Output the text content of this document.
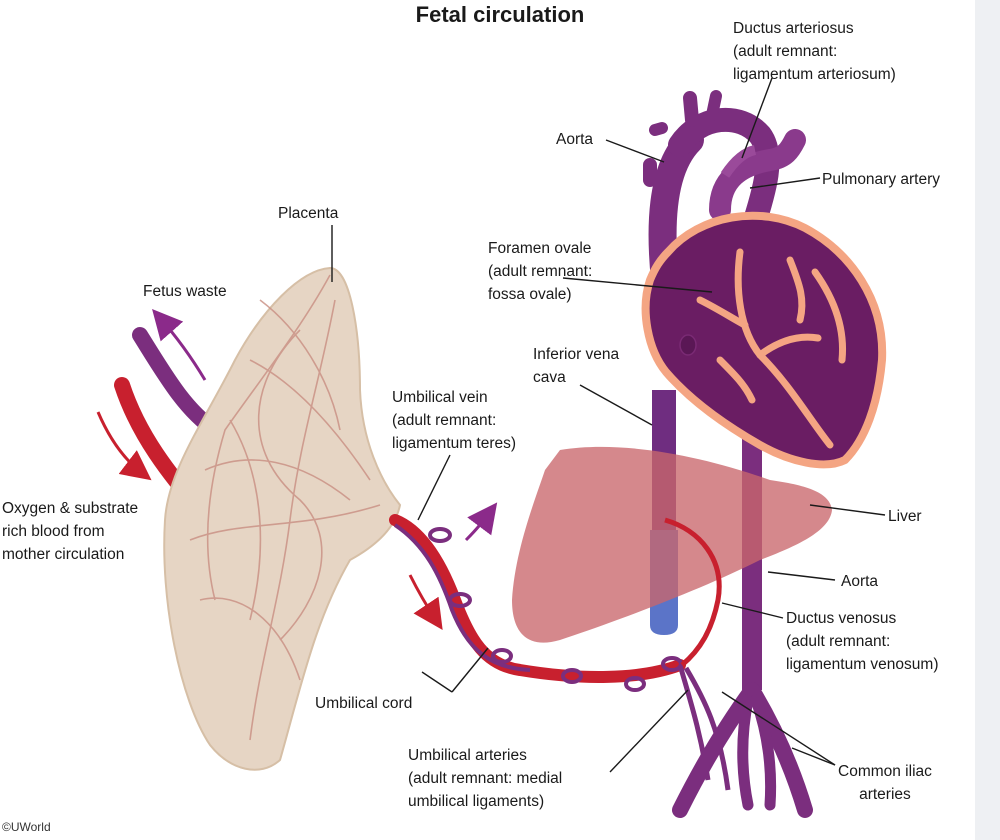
Fetal circulation
Ductus arteriosus
(adult remnant:
ligamentum arteriosum)
Aorta
Pulmonary artery
Placenta
Foramen ovale
(adult remnant:
fossa ovale)
Fetus waste
Inferior vena
cava
Umbilical vein
(adult remnant:
ligamentum teres)
Oxygen & substrate
rich blood from
mother circulation
Liver
Aorta
Ductus venosus
(adult remnant:
ligamentum venosum)
Umbilical cord
Umbilical arteries
(adult remnant: medial
umbilical ligaments)
Common iliac
arteries
©UWorld
